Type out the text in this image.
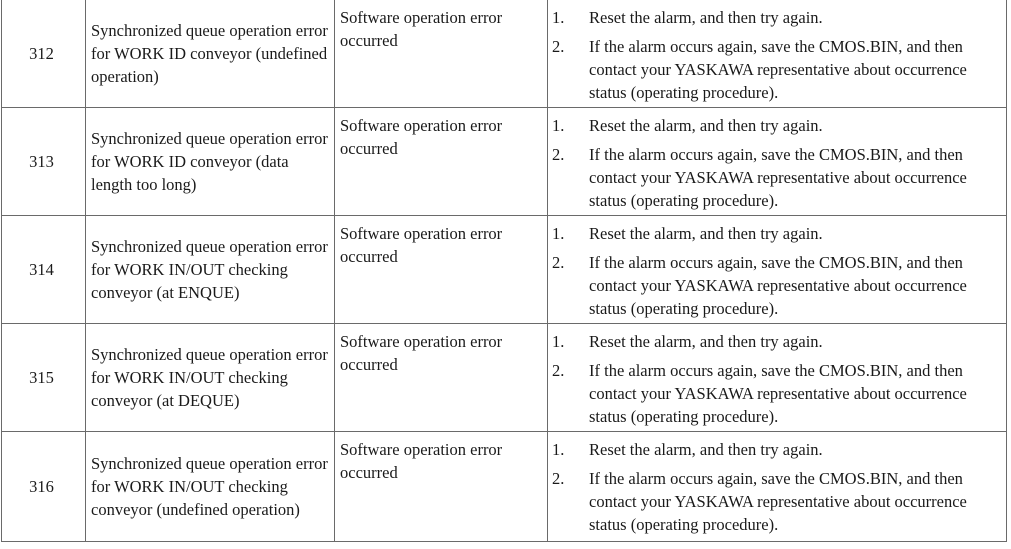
312	Synchronized queue operation error for WORK ID conveyor (undefined operation)	Software operation error occurred	1. Reset the alarm, and then try again.
2. If the alarm occurs again, save the CMOS.BIN, and then contact your YASKAWA representative about occurrence status (operating procedure).

313	Synchronized queue operation error for WORK ID conveyor (data length too long)	Software operation error occurred	1. Reset the alarm, and then try again.
2. If the alarm occurs again, save the CMOS.BIN, and then contact your YASKAWA representative about occurrence status (operating procedure).

314	Synchronized queue operation error for WORK IN/OUT checking conveyor (at ENQUE)	Software operation error occurred	1. Reset the alarm, and then try again.
2. If the alarm occurs again, save the CMOS.BIN, and then contact your YASKAWA representative about occurrence status (operating procedure).

315	Synchronized queue operation error for WORK IN/OUT checking conveyor (at DEQUE)	Software operation error occurred	1. Reset the alarm, and then try again.
2. If the alarm occurs again, save the CMOS.BIN, and then contact your YASKAWA representative about occurrence status (operating procedure).

316	Synchronized queue operation error for WORK IN/OUT checking conveyor (undefined operation)	Software operation error occurred	1. Reset the alarm, and then try again.
2. If the alarm occurs again, save the CMOS.BIN, and then contact your YASKAWA representative about occurrence status (operating procedure).
